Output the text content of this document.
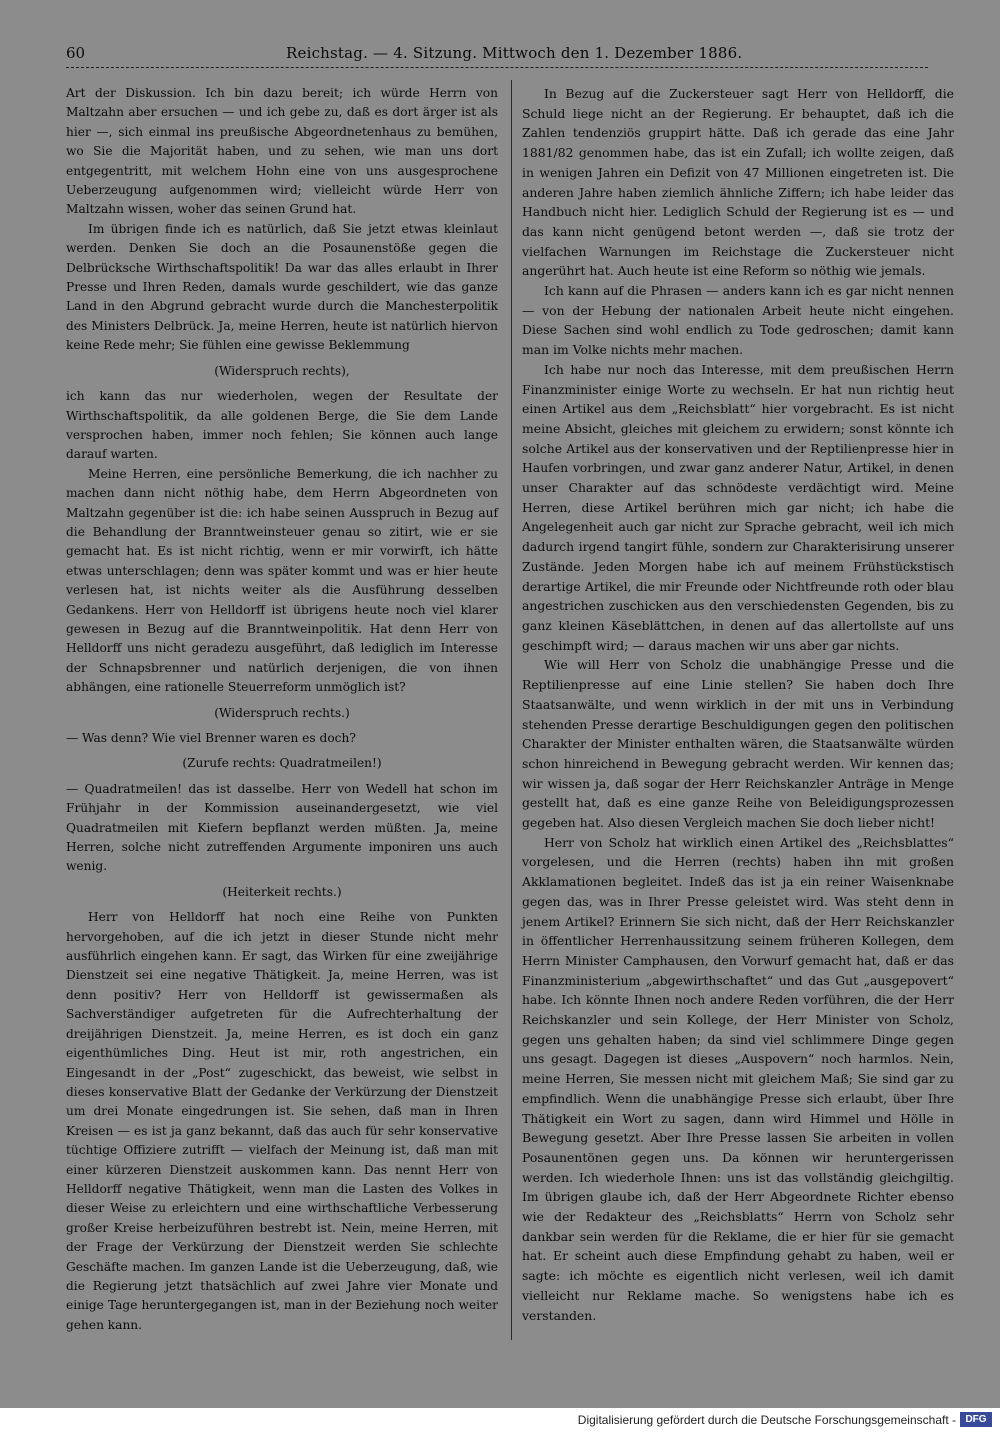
60	Reichstag. — 4. Sitzung. Mittwoch den 1. Dezember 1886.

Art der Diskussion. Ich bin dazu bereit; ich würde Herrn von Maltzahn aber ersuchen — und ich gebe zu, daß es dort ärger ist als hier —, sich einmal ins preußische Abgeordnetenhaus zu bemühen, wo Sie die Majorität haben, und zu sehen, wie man uns dort entgegentritt, mit welchem Hohn eine von uns ausgesprochene Ueberzeugung aufgenommen wird; vielleicht würde Herr von Maltzahn wissen, woher das seinen Grund hat.

Im übrigen finde ich es natürlich, daß Sie jetzt etwas kleinlaut werden. Denken Sie doch an die Posaunenstöße gegen die Delbrücksche Wirthschaftspolitik! Da war das alles erlaubt in Ihrer Presse und Ihren Reden, damals wurde geschildert, wie das ganze Land in den Abgrund gebracht wurde durch die Manchesterpolitik des Ministers Delbrück. Ja, meine Herren, heute ist natürlich hiervon keine Rede mehr; Sie fühlen eine gewisse Beklemmung

(Widerspruch rechts),

ich kann das nur wiederholen, wegen der Resultate der Wirthschaftspolitik, da alle goldenen Berge, die Sie dem Lande versprochen haben, immer noch fehlen; Sie können auch lange darauf warten.

Meine Herren, eine persönliche Bemerkung, die ich nachher zu machen dann nicht nöthig habe, dem Herrn Abgeordneten von Maltzahn gegenüber ist die: ich habe seinen Ausspruch in Bezug auf die Behandlung der Branntweinsteuer genau so zitirt, wie er sie gemacht hat. Es ist nicht richtig, wenn er mir vorwirft, ich hätte etwas unterschlagen; denn was später kommt und was er hier heute verlesen hat, ist nichts weiter als die Ausführung desselben Gedankens. Herr von Helldorff ist übrigens heute noch viel klarer gewesen in Bezug auf die Branntweinpolitik. Hat denn Herr von Helldorff uns nicht geradezu ausgeführt, daß lediglich im Interesse der Schnapsbrenner und natürlich derjenigen, die von ihnen abhängen, eine rationelle Steuerreform unmöglich ist?

(Widerspruch rechts.)

— Was denn? Wie viel Brenner waren es doch?

(Zurufe rechts: Quadratmeilen!)

— Quadratmeilen! das ist dasselbe. Herr von Wedell hat schon im Frühjahr in der Kommission auseinandergesetzt, wie viel Quadratmeilen mit Kiefern bepflanzt werden müßten. Ja, meine Herren, solche nicht zutreffenden Argumente imponiren uns auch wenig.

(Heiterkeit rechts.)

Herr von Helldorff hat noch eine Reihe von Punkten hervorgehoben, auf die ich jetzt in dieser Stunde nicht mehr ausführlich eingehen kann. Er sagt, das Wirken für eine zweijährige Dienstzeit sei eine negative Thätigkeit. Ja, meine Herren, was ist denn positiv? Herr von Helldorff ist gewissermaßen als Sachverständiger aufgetreten für die Aufrechterhaltung der dreijährigen Dienstzeit. Ja, meine Herren, es ist doch ein ganz eigenthümliches Ding. Heut ist mir, roth angestrichen, ein Eingesandt in der „Post“ zugeschickt, das beweist, wie selbst in dieses konservative Blatt der Gedanke der Verkürzung der Dienstzeit um drei Monate eingedrungen ist. Sie sehen, daß man in Ihren Kreisen — es ist ja ganz bekannt, daß das auch für sehr konservative tüchtige Offiziere zutrifft — vielfach der Meinung ist, daß man mit einer kürzeren Dienstzeit auskommen kann. Das nennt Herr von Helldorff negative Thätigkeit, wenn man die Lasten des Volkes in dieser Weise zu erleichtern und eine wirthschaftliche Verbesserung großer Kreise herbeizuführen bestrebt ist. Nein, meine Herren, mit der Frage der Verkürzung der Dienstzeit werden Sie schlechte Geschäfte machen. Im ganzen Lande ist die Ueberzeugung, daß, wie die Regierung jetzt thatsächlich auf zwei Jahre vier Monate und einige Tage heruntergegangen ist, man in der Beziehung noch weiter gehen kann.

In Bezug auf die Zuckersteuer sagt Herr von Helldorff, die Schuld liege nicht an der Regierung. Er behauptet, daß ich die Zahlen tendenziös gruppirt hätte. Daß ich gerade das eine Jahr 1881/82 genommen habe, das ist ein Zufall; ich wollte zeigen, daß in wenigen Jahren ein Defizit von 47 Millionen eingetreten ist. Die anderen Jahre haben ziemlich ähnliche Ziffern; ich habe leider das Handbuch nicht hier. Lediglich Schuld der Regierung ist es — und das kann nicht genügend betont werden —, daß sie trotz der vielfachen Warnungen im Reichstage die Zuckersteuer nicht angerührt hat. Auch heute ist eine Reform so nöthig wie jemals.

Ich kann auf die Phrasen — anders kann ich es gar nicht nennen — von der Hebung der nationalen Arbeit heute nicht eingehen. Diese Sachen sind wohl endlich zu Tode gedroschen; damit kann man im Volke nichts mehr machen.

Ich habe nur noch das Interesse, mit dem preußischen Herrn Finanzminister einige Worte zu wechseln. Er hat nun richtig heut einen Artikel aus dem „Reichsblatt“ hier vorgebracht. Es ist nicht meine Absicht, gleiches mit gleichem zu erwidern; sonst könnte ich solche Artikel aus der konservativen und der Reptilienpresse hier in Haufen vorbringen, und zwar ganz anderer Natur, Artikel, in denen unser Charakter auf das schnödeste verdächtigt wird. Meine Herren, diese Artikel berühren mich gar nicht; ich habe die Angelegenheit auch gar nicht zur Sprache gebracht, weil ich mich dadurch irgend tangirt fühle, sondern zur Charakterisirung unserer Zustände. Jeden Morgen habe ich auf meinem Frühstückstisch derartige Artikel, die mir Freunde oder Nichtfreunde roth oder blau angestrichen zuschicken aus den verschiedensten Gegenden, bis zu ganz kleinen Käseblättchen, in denen auf das allertollste auf uns geschimpft wird; — daraus machen wir uns aber gar nichts.

Wie will Herr von Scholz die unabhängige Presse und die Reptilienpresse auf eine Linie stellen? Sie haben doch Ihre Staatsanwälte, und wenn wirklich in der mit uns in Verbindung stehenden Presse derartige Beschuldigungen gegen den politischen Charakter der Minister enthalten wären, die Staatsanwälte würden schon hinreichend in Bewegung gebracht werden. Wir kennen das; wir wissen ja, daß sogar der Herr Reichskanzler Anträge in Menge gestellt hat, daß es eine ganze Reihe von Beleidigungsprozessen gegeben hat. Also diesen Vergleich machen Sie doch lieber nicht!

Herr von Scholz hat wirklich einen Artikel des „Reichsblattes“ vorgelesen, und die Herren (rechts) haben ihn mit großen Akklamationen begleitet. Indeß das ist ja ein reiner Waisenknabe gegen das, was in Ihrer Presse geleistet wird. Was steht denn in jenem Artikel? Erinnern Sie sich nicht, daß der Herr Reichskanzler in öffentlicher Herrenhaussitzung seinem früheren Kollegen, dem Herrn Minister Camphausen, den Vorwurf gemacht hat, daß er das Finanzministerium „abgewirthschaftet“ und das Gut „ausgepovert“ habe. Ich könnte Ihnen noch andere Reden vorführen, die der Herr Reichskanzler und sein Kollege, der Herr Minister von Scholz, gegen uns gehalten haben; da sind viel schlimmere Dinge gegen uns gesagt. Dagegen ist dieses „Auspovern“ noch harmlos. Nein, meine Herren, Sie messen nicht mit gleichem Maß; Sie sind gar zu empfindlich. Wenn die unabhängige Presse sich erlaubt, über Ihre Thätigkeit ein Wort zu sagen, dann wird Himmel und Hölle in Bewegung gesetzt. Aber Ihre Presse lassen Sie arbeiten in vollen Posaunentönen gegen uns. Da können wir heruntergerissen werden. Ich wiederhole Ihnen: uns ist das vollständig gleichgiltig. Im übrigen glaube ich, daß der Herr Abgeordnete Richter ebenso wie der Redakteur des „Reichsblatts“ Herrn von Scholz sehr dankbar sein werden für die Reklame, die er hier für sie gemacht hat. Er scheint auch diese Empfindung gehabt zu haben, weil er sagte: ich möchte es eigentlich nicht verlesen, weil ich damit vielleicht nur Reklame mache. So wenigstens habe ich es verstanden.

Digitalisierung gefördert durch die Deutsche Forschungsgemeinschaft - DFG
